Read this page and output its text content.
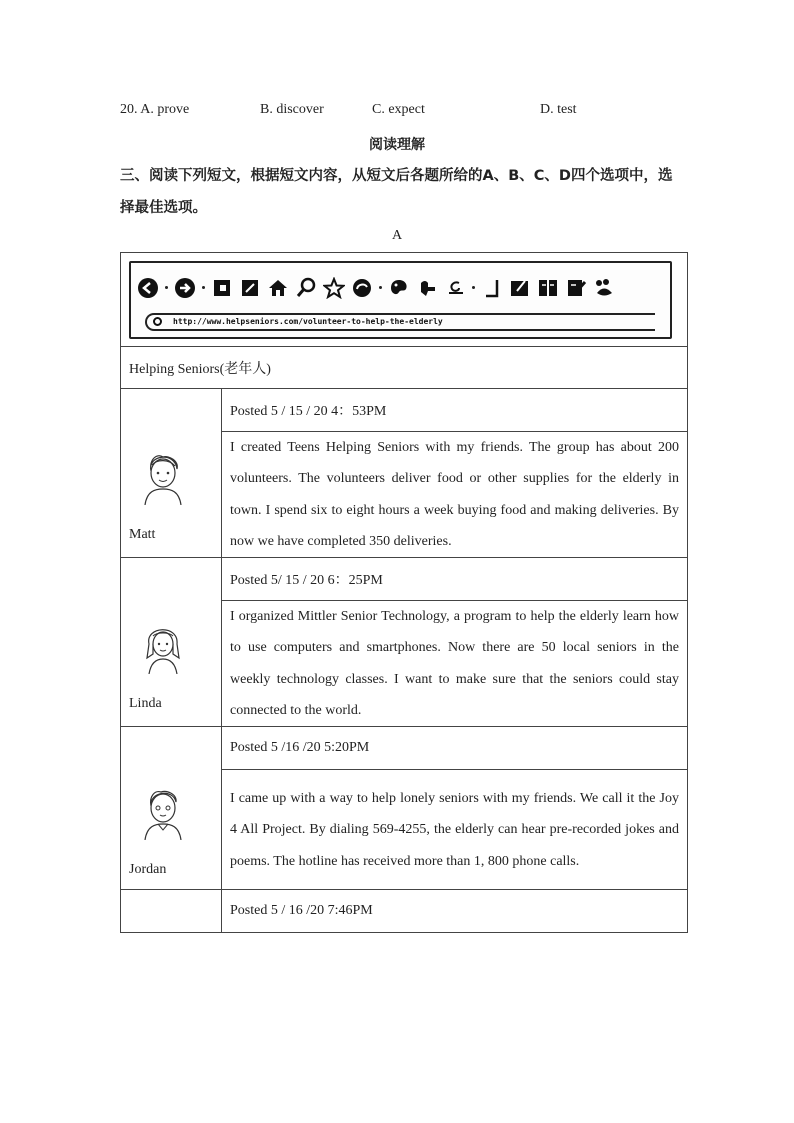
20. A. prove	B. discover	C. expect	D. test
阅读理解
三、阅读下列短文，根据短文内容，从短文后各题所给的A、B、C、D四个选项中，选择最佳选项。
A
http://www.helpseniors.com/volunteer-to-help-the-elderly	

Helping Seniors(老年人)	

Matt	Posted 5 / 15 / 20 4：53PM
	I created Teens Helping Seniors with my friends. The group has about 200 volunteers. The volunteers deliver food or other supplies for the elderly in town. I spend six to eight hours a week buying food and making deliveries. By now we have completed 350 deliveries.

Linda	Posted 5/ 15 / 20 6：25PM
	I organized Mittler Senior Technology, a program to help the elderly learn how to use computers and smartphones. Now there are 50 local seniors in the weekly technology classes. I want to make sure that the seniors could stay connected to the world.

Jordan	Posted 5 /16 /20 5:20PM
	I came up with a way to help lonely seniors with my friends. We call it the Joy 4 All Project. By dialing 569-4255, the elderly can hear pre-recorded jokes and poems. The hotline has received more than 1, 800 phone calls.
	Posted 5 / 16 /20 7:46PM
